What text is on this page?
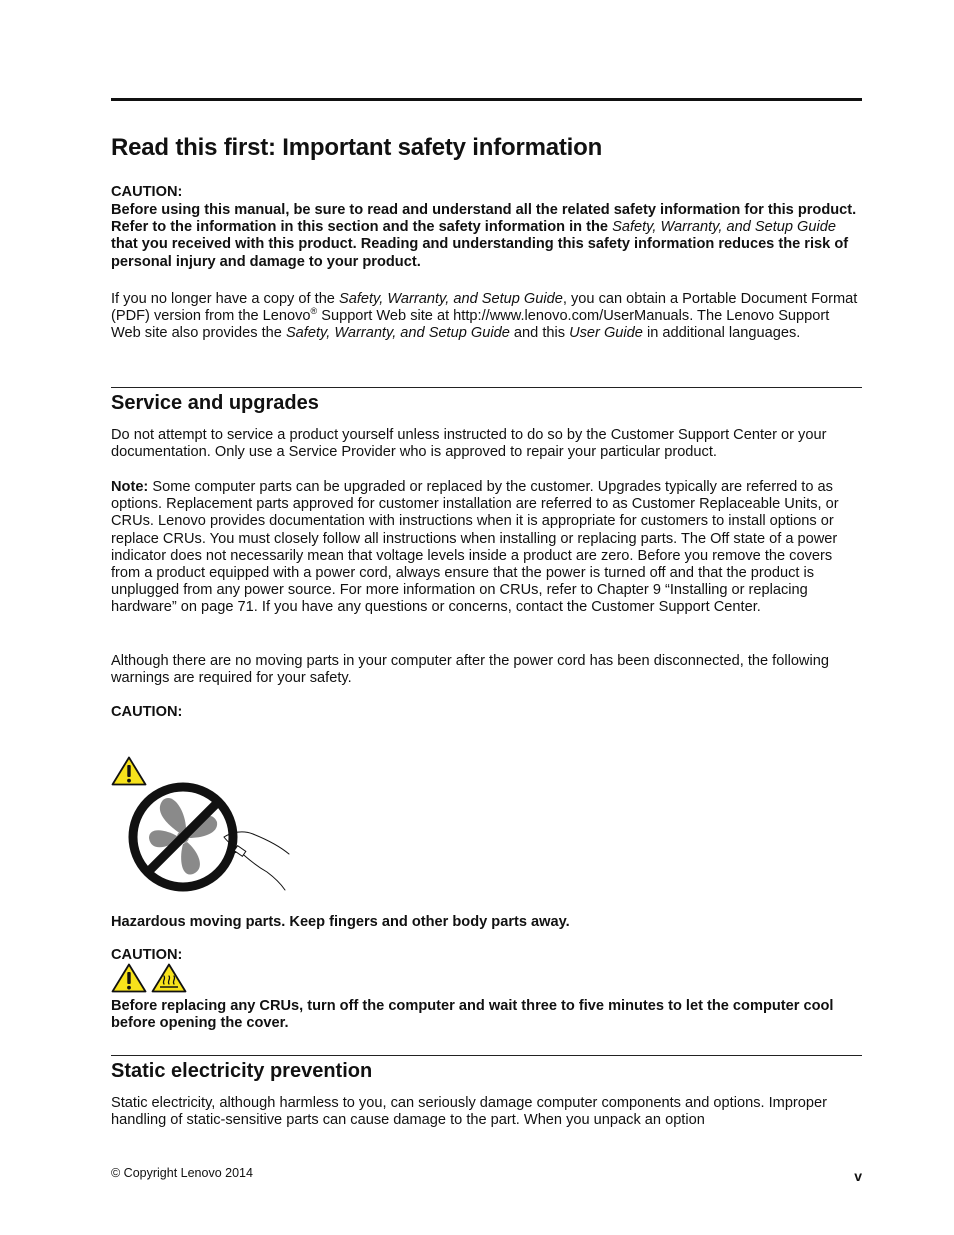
Read this first: Important safety information
CAUTION:

Before using this manual, be sure to read and understand all the related safety information for this product. Refer to the information in this section and the safety information in the Safety, Warranty, and Setup Guide that you received with this product. Reading and understanding this safety information reduces the risk of personal injury and damage to your product.

If you no longer have a copy of the Safety, Warranty, and Setup Guide, you can obtain a Portable Document Format (PDF) version from the Lenovo® Support Web site at http://www.lenovo.com/UserManuals. The Lenovo Support Web site also provides the Safety, Warranty, and Setup Guide and this User Guide in additional languages.

Service and upgrades

Do not attempt to service a product yourself unless instructed to do so by the Customer Support Center or your documentation. Only use a Service Provider who is approved to repair your particular product.

Note: Some computer parts can be upgraded or replaced by the customer. Upgrades typically are referred to as options. Replacement parts approved for customer installation are referred to as Customer Replaceable Units, or CRUs. Lenovo provides documentation with instructions when it is appropriate for customers to install options or replace CRUs. You must closely follow all instructions when installing or replacing parts. The Off state of a power indicator does not necessarily mean that voltage levels inside a product are zero. Before you remove the covers from a product equipped with a power cord, always ensure that the power is turned off and that the product is unplugged from any power source. For more information on CRUs, refer to Chapter 9 “Installing or replacing hardware” on page 71. If you have any questions or concerns, contact the Customer Support Center.

Although there are no moving parts in your computer after the power cord has been disconnected, the following warnings are required for your safety.

CAUTION:

Hazardous moving parts. Keep fingers and other body parts away.

CAUTION:

Before replacing any CRUs, turn off the computer and wait three to five minutes to let the computer cool before opening the cover.

Static electricity prevention

Static electricity, although harmless to you, can seriously damage computer components and options. Improper handling of static-sensitive parts can cause damage to the part. When you unpack an option

© Copyright Lenovo 2014	v
